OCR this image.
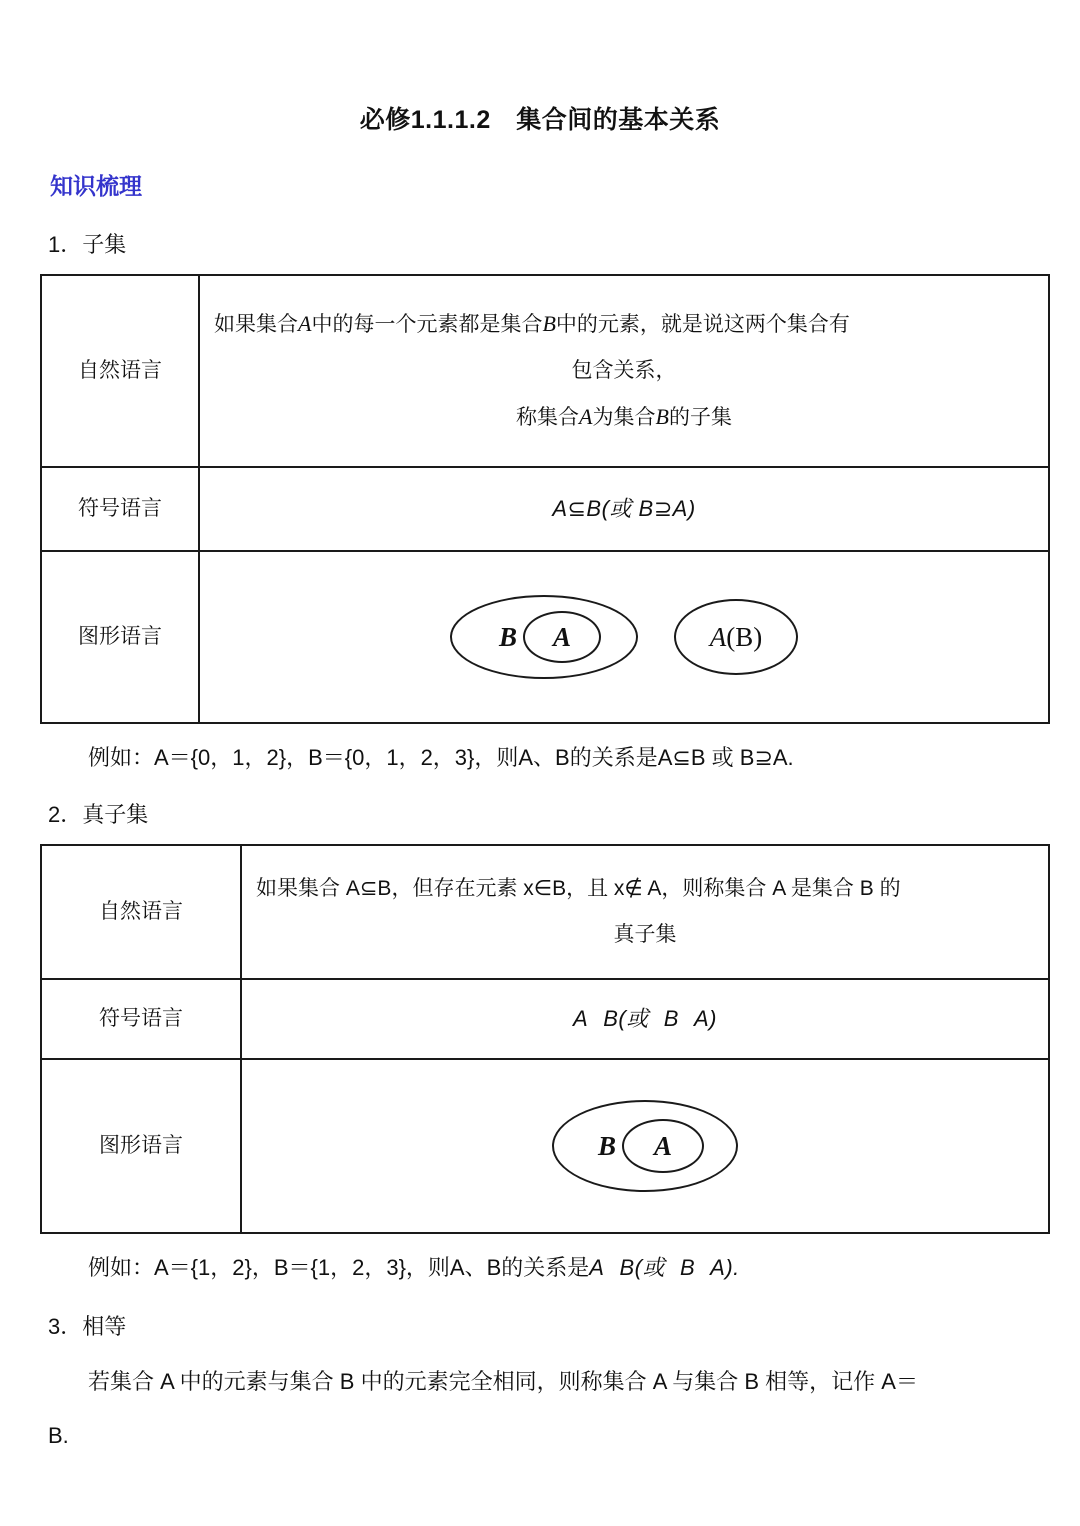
必修1.1.1.2　集合间的基本关系
知识梳理
1．子集
自然语言	如果集合A中的每一个元素都是集合B中的元素，就是说这两个集合有
包含关系，
称集合A为集合B的子集

符号语言	A⊆B(或 B⊇A)
图形语言	B A A(B)
例如：A＝{0，1，2}，B＝{0，1，2，3}，则A、B的关系是A⊆B 或 B⊇A.
2．真子集
自然语言	如果集合 A⊆B，但存在元素 x∈B，且 x∉ A，则称集合 A 是集合 B 的
真子集

符号语言	A B(或 B A)
图形语言	B A
例如：A＝{1，2}，B＝{1，2，3}，则A、B的关系是A B(或 B A).
3．相等
若集合 A 中的元素与集合 B 中的元素完全相同，则称集合 A 与集合 B 相等，记作 A＝
B.
